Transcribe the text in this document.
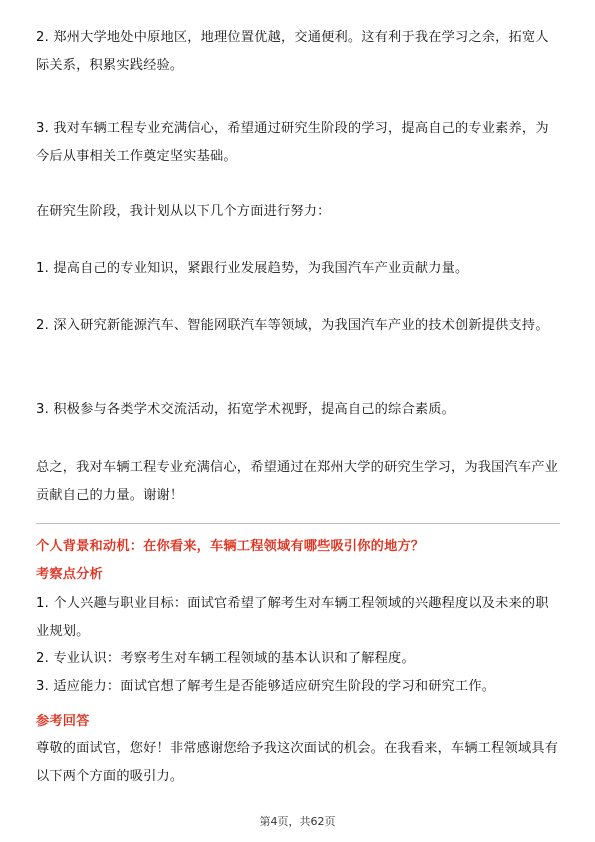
2. 郑州大学地处中原地区，地理位置优越，交通便利。这有利于我在学习之余，拓宽人际关系，积累实践经验。

3. 我对车辆工程专业充满信心，希望通过研究生阶段的学习，提高自己的专业素养，为今后从事相关工作奠定坚实基础。

在研究生阶段，我计划从以下几个方面进行努力：

1. 提高自己的专业知识，紧跟行业发展趋势，为我国汽车产业贡献力量。

2. 深入研究新能源汽车、智能网联汽车等领域，为我国汽车产业的技术创新提供支持。

3. 积极参与各类学术交流活动，拓宽学术视野，提高自己的综合素质。

总之，我对车辆工程专业充满信心，希望通过在郑州大学的研究生学习，为我国汽车产业贡献自己的力量。谢谢！

个人背景和动机：在你看来，车辆工程领域有哪些吸引你的地方？

考察点分析

1. 个人兴趣与职业目标：面试官希望了解考生对车辆工程领域的兴趣程度以及未来的职业规划。

2. 专业认识：考察考生对车辆工程领域的基本认识和了解程度。

3. 适应能力：面试官想了解考生是否能够适应研究生阶段的学习和研究工作。

参考回答

尊敬的面试官，您好！非常感谢您给予我这次面试的机会。在我看来，车辆工程领域具有以下两个方面的吸引力。

第4页，共62页
